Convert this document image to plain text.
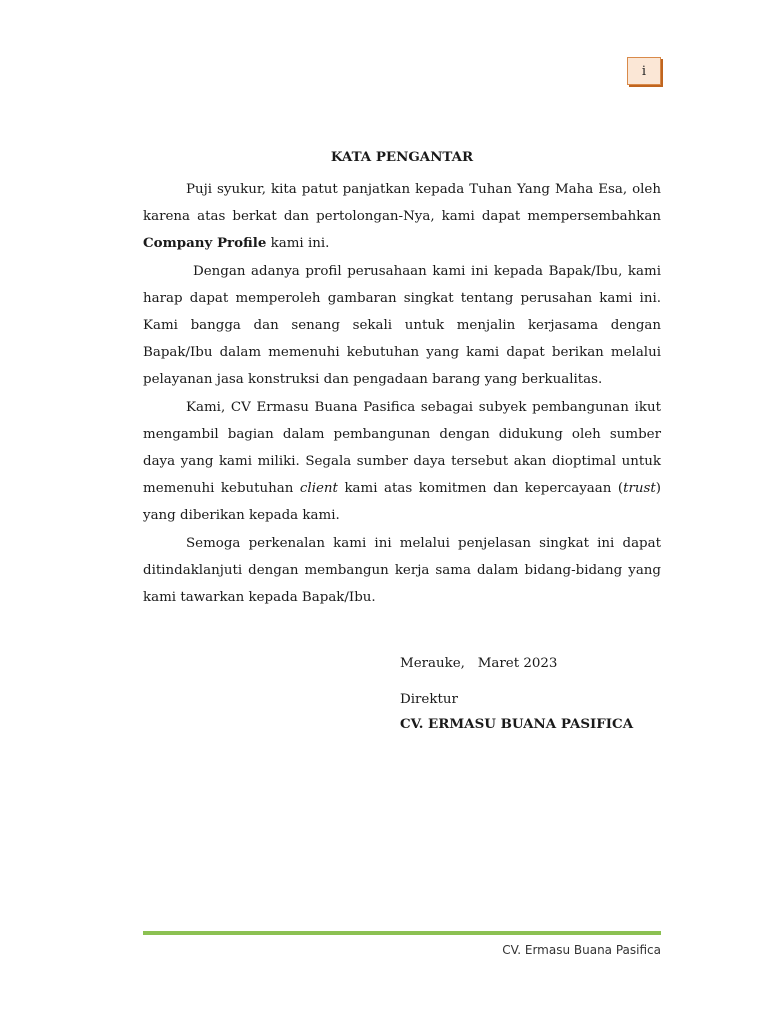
i
KATA PENGANTAR

Puji syukur, kita patut panjatkan kepada Tuhan Yang Maha Esa, oleh karena atas berkat dan pertolongan-Nya, kami dapat mempersembahkan Company Profile kami ini.

Dengan adanya profil perusahaan kami ini kepada Bapak/Ibu, kami harap dapat memperoleh gambaran singkat tentang perusahan kami ini. Kami bangga dan senang sekali untuk menjalin kerjasama dengan Bapak/Ibu dalam memenuhi kebutuhan yang kami dapat berikan melalui pelayanan jasa konstruksi dan pengadaan barang yang berkualitas.

Kami, CV Ermasu Buana Pasifica sebagai subyek pembangunan ikut mengambil bagian dalam pembangunan dengan didukung oleh sumber daya yang kami miliki. Segala sumber daya tersebut akan dioptimal untuk memenuhi kebutuhan client kami atas komitmen dan kepercayaan (trust) yang diberikan kepada kami.

Semoga perkenalan kami ini melalui penjelasan singkat ini dapat ditindaklanjuti dengan membangun kerja sama dalam bidang-bidang yang kami tawarkan kepada Bapak/Ibu.

Merauke,   Maret 2023

Direktur

CV. ERMASU BUANA PASIFICA

CV. Ermasu Buana Pasifica
